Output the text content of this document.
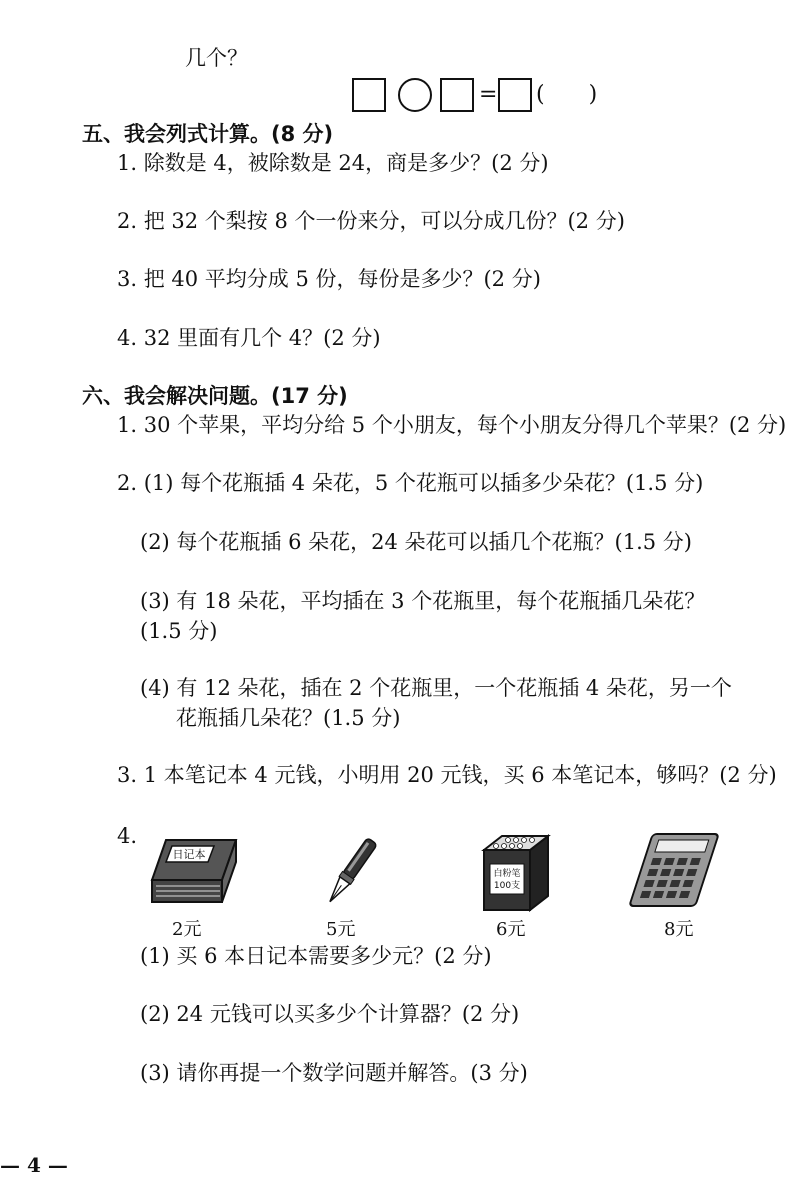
几个？
= (　　)
五、我会列式计算。(8 分)
1. 除数是 4，被除数是 24，商是多少？(2 分)
2. 把 32 个梨按 8 个一份来分，可以分成几份？(2 分)
3. 把 40 平均分成 5 份，每份是多少？(2 分)
4. 32 里面有几个 4？(2 分)
六、我会解决问题。(17 分)
1. 30 个苹果，平均分给 5 个小朋友，每个小朋友分得几个苹果？(2 分)
2. (1) 每个花瓶插 4 朵花，5 个花瓶可以插多少朵花？(1.5 分)
(2) 每个花瓶插 6 朵花，24 朵花可以插几个花瓶？(1.5 分)
(3) 有 18 朵花，平均插在 3 个花瓶里，每个花瓶插几朵花？
(1.5 分)
(4) 有 12 朵花，插在 2 个花瓶里，一个花瓶插 4 朵花，另一个
花瓶插几朵花？(1.5 分)
3. 1 本笔记本 4 元钱，小明用 20 元钱，买 6 本笔记本，够吗？(2 分)
4.
日记本
2元	5元
白粉笔
100支
6元	8元
(1) 买 6 本日记本需要多少元？(2 分)
(2) 24 元钱可以买多少个计算器？(2 分)
(3) 请你再提一个数学问题并解答。(3 分)
— 4 —
